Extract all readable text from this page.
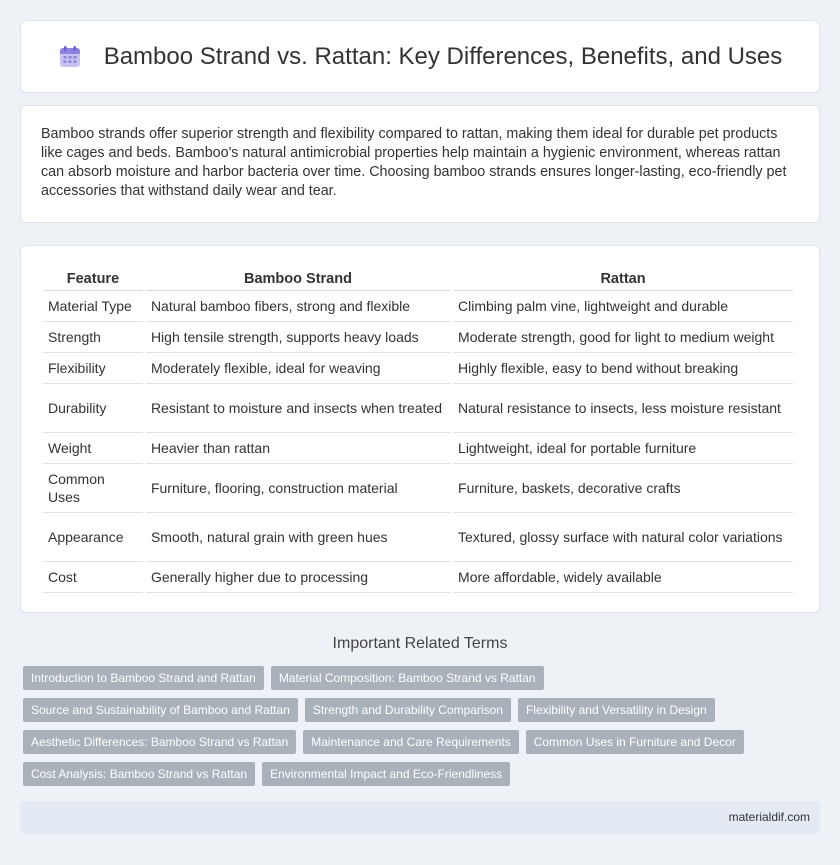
Bamboo Strand vs. Rattan: Key Differences, Benefits, and Uses

Bamboo strands offer superior strength and flexibility compared to rattan, making them ideal for durable pet products like cages and beds. Bamboo's natural antimicrobial properties help maintain a hygienic environment, whereas rattan can absorb moisture and harbor bacteria over time. Choosing bamboo strands ensures longer-lasting, eco-friendly pet accessories that withstand daily wear and tear.

Feature	Bamboo Strand	Rattan
Material Type	Natural bamboo fibers, strong and flexible	Climbing palm vine, lightweight and durable
Strength	High tensile strength, supports heavy loads	Moderate strength, good for light to medium weight
Flexibility	Moderately flexible, ideal for weaving	Highly flexible, easy to bend without breaking
Durability	Resistant to moisture and insects when treated	Natural resistance to insects, less moisture resistant
Weight	Heavier than rattan	Lightweight, ideal for portable furniture
Common Uses	Furniture, flooring, construction material	Furniture, baskets, decorative crafts
Appearance	Smooth, natural grain with green hues	Textured, glossy surface with natural color variations
Cost	Generally higher due to processing	More affordable, widely available
Important Related Terms
Introduction to Bamboo Strand and Rattan	Material Composition: Bamboo Strand vs Rattan
Source and Sustainability of Bamboo and Rattan	Strength and Durability Comparison	Flexibility and Versatility in Design
Aesthetic Differences: Bamboo Strand vs Rattan	Maintenance and Care Requirements	Common Uses in Furniture and Decor
Cost Analysis: Bamboo Strand vs Rattan	Environmental Impact and Eco-Friendliness
materialdif.com
